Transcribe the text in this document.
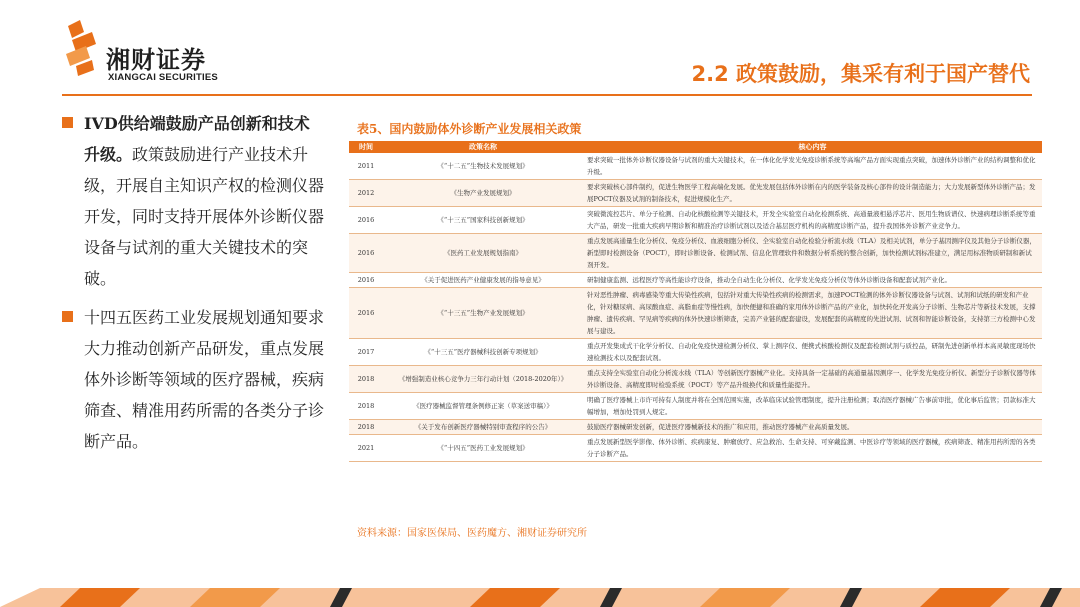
湘财证券
XIANGCAI SECURITIES	2.2 政策鼓励，集采有利于国产替代
IVD供给端鼓励产品创新和技术升级。政策鼓励进行产业技术升级，开展自主知识产权的检测仪器开发，同时支持开展体外诊断仪器设备与试剂的重大关键技术的突破。
十四五医药工业发展规划通知要求大力推动创新产品研发，重点发展体外诊断等领域的医疗器械，疾病筛查、精准用药所需的各类分子诊断产品。
表5、国内鼓励体外诊断产业发展相关政策
时间	政策名称	核心内容
2011	《“十二五”生物技术发展规划》	要求突破一批体外诊断仪器设备与试剂的重大关键技术，在一体化化学发光免疫诊断系统等高端产品方面实现重点突破，加速体外诊断产业的结构调整和优化升级。
2012	《生物产业发展规划》	要求突破核心部件制约，促进生物医学工程高端化发展。优先发展包括体外诊断在内的医学装备及核心部件的设计制造能力；大力发展新型体外诊断产品；发展POCT仪器及试剂的制备技术，促进规模化生产。
2016	《“十三五”国家科技创新规划》	突破微流控芯片、单分子检测、自动化核酸检测等关键技术，开发全实验室自动化检测系统、高通量液相悬浮芯片、医用生物质谱仪、快速病理诊断系统等重大产品，研发一批重大疾病早期诊断和精准治疗诊断试剂以及适合基层医疗机构的高精度诊断产品，提升我国体外诊断产业竞争力。
2016	《医药工业发展规划指南》	重点发展高通量生化分析仪、免疫分析仪、血液细胞分析仪、全实验室自动化检验分析流水线（TLA）及相关试剂，单分子基因测序仪及其他分子诊断仪器，新型即时检测设备（POCT），即时诊断设备、检测试剂、信息化管理软件和数据分析系统的整合创新，加快检测试剂标准建立，满足用标准物质研制和新试剂开发。
2016	《关于促进医药产业健康发展的指导意见》	研制健康监测、远程医疗等高性能诊疗设备，推动全自动生化分析仪、化学发光免疫分析仪等体外诊断设备和配套试剂产业化。
2016	《“十三五”生物产业发展规划》	针对恶性肿瘤、病毒感染等重大传染性疾病，包括针对重大传染性疾病的检测需求，加速POCT检测的体外诊断仪器设备与试剂、试剂和试纸的研发和产业化，针对糖尿病、高尿酸血症、高脂血症等慢性病，加快便捷和准确的家用体外诊断产品的产业化，加快转化开发高分子诊断、生物芯片等新技术发展，支撑肿瘤、遗传疾病、罕见病等疾病的体外快速诊断筛查，完善产业链的配套建设，发展配套的高精度的先进试剂、试剂和智能诊断设备，支持第三方检测中心发展与建设。
2017	《“十三五”医疗器械科技创新专项规划》	重点开发集成式干化学分析仪、自动化免疫快速检测分析仪、掌上测序仪、便携式核酸检测仪及配套检测试剂与质控品，研制先进创新单样本高灵敏度现场快速检测技术以及配套试剂。
2018	《增强制造业核心竞争力三年行动计划（2018-2020年）》	重点支持全实验室自动化分析流水线（TLA）等创新医疗器械产业化。支持具备一定基础的高通量基因测序一、化学发光免疫分析仪、新型分子诊断仪器等体外诊断设备、高精度即时检验系统（POCT）等产品升级换代和质量性能提升。
2018	《医疗器械监督管理条例修正案（草案送审稿）》	明确了医疗器械上市许可持有人制度并将在全国范围实施，改革临床试验管理制度，提升注册检测；取消医疗器械广告事前审批，优化事后监管；罚款标准大幅增加，增加处罚到人规定。
2018	《关于发布创新医疗器械特别审查程序的公告》	鼓励医疗器械研发创新，促进医疗器械新技术的推广和应用，推动医疗器械产业高质量发展。
2021	《“十四五”医药工业发展规划》	重点发展新型医学影像、体外诊断、疾病康复、肿瘤放疗、应急救治、生命支持、可穿戴监测、中医诊疗等领域的医疗器械，疾病筛查、精准用药所需的各类分子诊断产品。
资料来源：国家医保局、医药魔方、湘财证券研究所
